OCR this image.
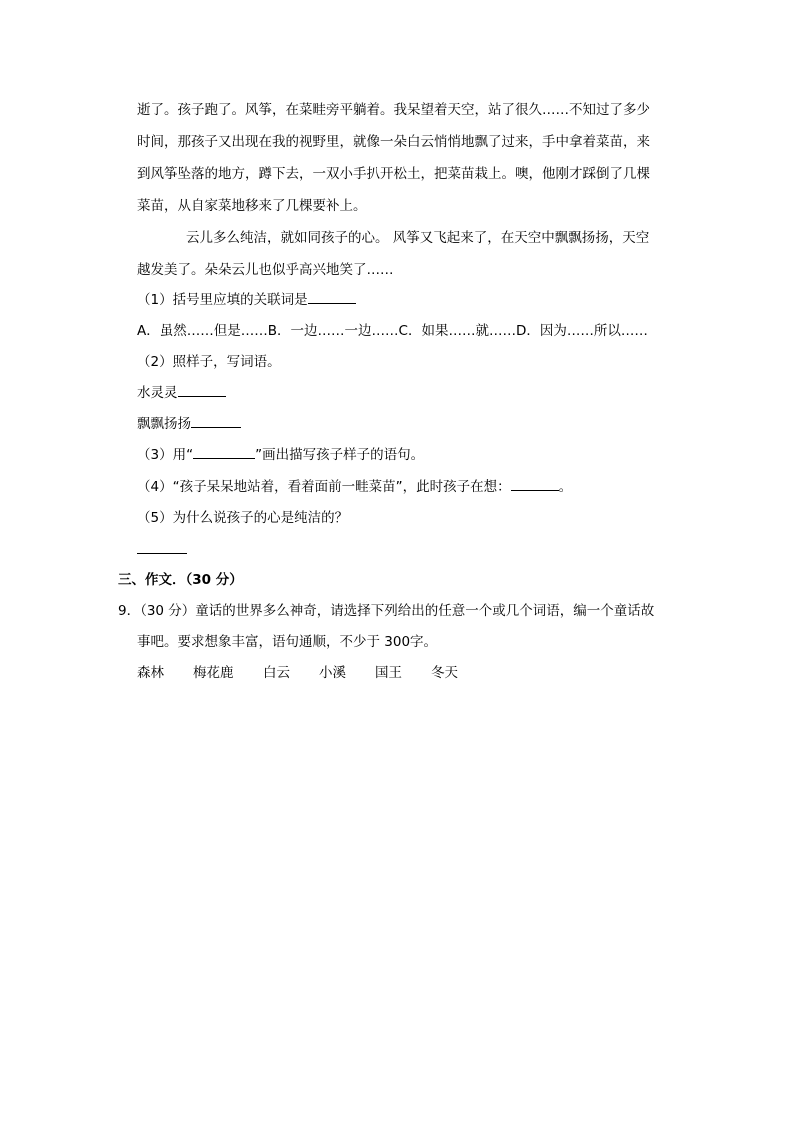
逝了。孩子跑了。风筝，在菜畦旁平躺着。我呆望着天空，站了很久……不知过了多少
时间，那孩子又出现在我的视野里，就像一朵白云悄悄地飘了过来，手中拿着菜苗，来
到风筝坠落的地方，蹲下去，一双小手扒开松土，把菜苗栽上。噢，他刚才踩倒了几棵
菜苗，从自家菜地移来了几棵要补上。
云儿多么纯洁，就如同孩子的心。 风筝又飞起来了，在天空中飘飘扬扬，天空
越发美了。朵朵云儿也似乎高兴地笑了……
（1）括号里应填的关联词是
A．虽然……但是……B．一边……一边……C．如果……就……D．因为……所以……
（2）照样子，写词语。
水灵灵
飘飘扬扬
（3）用“	”画出描写孩子样子的语句。
（4）“孩子呆呆地站着，看着面前一畦菜苗”，此时孩子在想：	。
（5）为什么说孩子的心是纯洁的？
三、作文．（30 分）
9．（30 分）童话的世界多么神奇，请选择下列给出的任意一个或几个词语，编一个童话故
事吧。要求想象丰富，语句通顺，不少于 300字。
森林 梅花鹿 白云 小溪 国王 冬天
